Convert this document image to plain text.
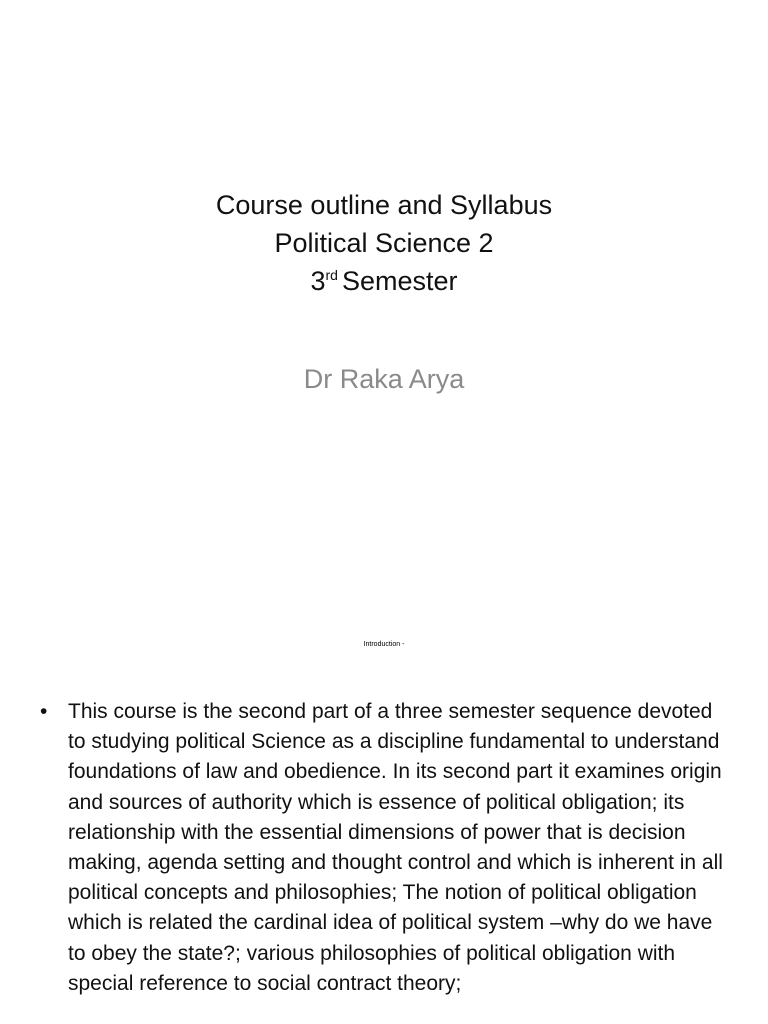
Course outline and Syllabus
Political Science 2
3rd Semester
Dr Raka Arya
Introduction -
• This course is the second part of a three semester sequence devoted to studying political Science as a discipline fundamental to understand foundations of law and obedience. In its second part it examines origin and sources of authority which is essence of political obligation; its relationship with the essential dimensions of power that is decision making, agenda setting and thought control and which is inherent in all political concepts and philosophies; The notion of political obligation which is related the cardinal idea of political system –why do we have to obey the state?; various philosophies of political obligation with special reference to social contract theory;
